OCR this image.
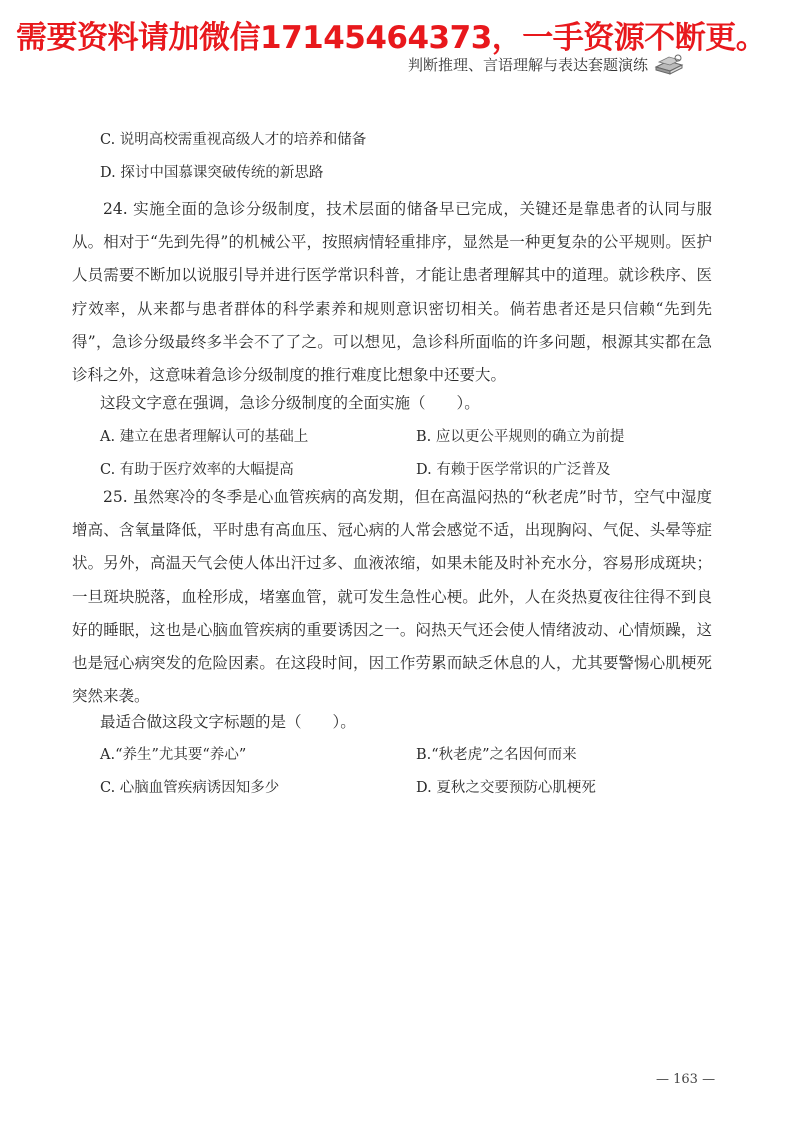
需要资料请加微信17145464373，一手资源不断更。
判断推理、言语理解与表达套题演练
C. 说明高校需重视高级人才的培养和储备
D. 探讨中国慕课突破传统的新思路
24. 实施全面的急诊分级制度，技术层面的储备早已完成，关键还是靠患者的认同与服从。相对于“先到先得”的机械公平，按照病情轻重排序，显然是一种更复杂的公平规则。医护人员需要不断加以说服引导并进行医学常识科普，才能让患者理解其中的道理。就诊秩序、医疗效率，从来都与患者群体的科学素养和规则意识密切相关。倘若患者还是只信赖“先到先得”，急诊分级最终多半会不了了之。可以想见，急诊科所面临的许多问题，根源其实都在急诊科之外，这意味着急诊分级制度的推行难度比想象中还要大。
这段文字意在强调，急诊分级制度的全面实施（　　）。
A. 建立在患者理解认可的基础上	B. 应以更公平规则的确立为前提
C. 有助于医疗效率的大幅提高	D. 有赖于医学常识的广泛普及
25. 虽然寒冷的冬季是心血管疾病的高发期，但在高温闷热的“秋老虎”时节，空气中湿度增高、含氧量降低，平时患有高血压、冠心病的人常会感觉不适，出现胸闷、气促、头晕等症状。另外，高温天气会使人体出汗过多、血液浓缩，如果未能及时补充水分，容易形成斑块；一旦斑块脱落，血栓形成，堵塞血管，就可发生急性心梗。此外，人在炎热夏夜往往得不到良好的睡眠，这也是心脑血管疾病的重要诱因之一。闷热天气还会使人情绪波动、心情烦躁，这也是冠心病突发的危险因素。在这段时间，因工作劳累而缺乏休息的人，尤其要警惕心肌梗死突然来袭。
最适合做这段文字标题的是（　　）。
A.“养生”尤其要“养心”	B.“秋老虎”之名因何而来
C. 心脑血管疾病诱因知多少	D. 夏秋之交要预防心肌梗死
— 163 —
